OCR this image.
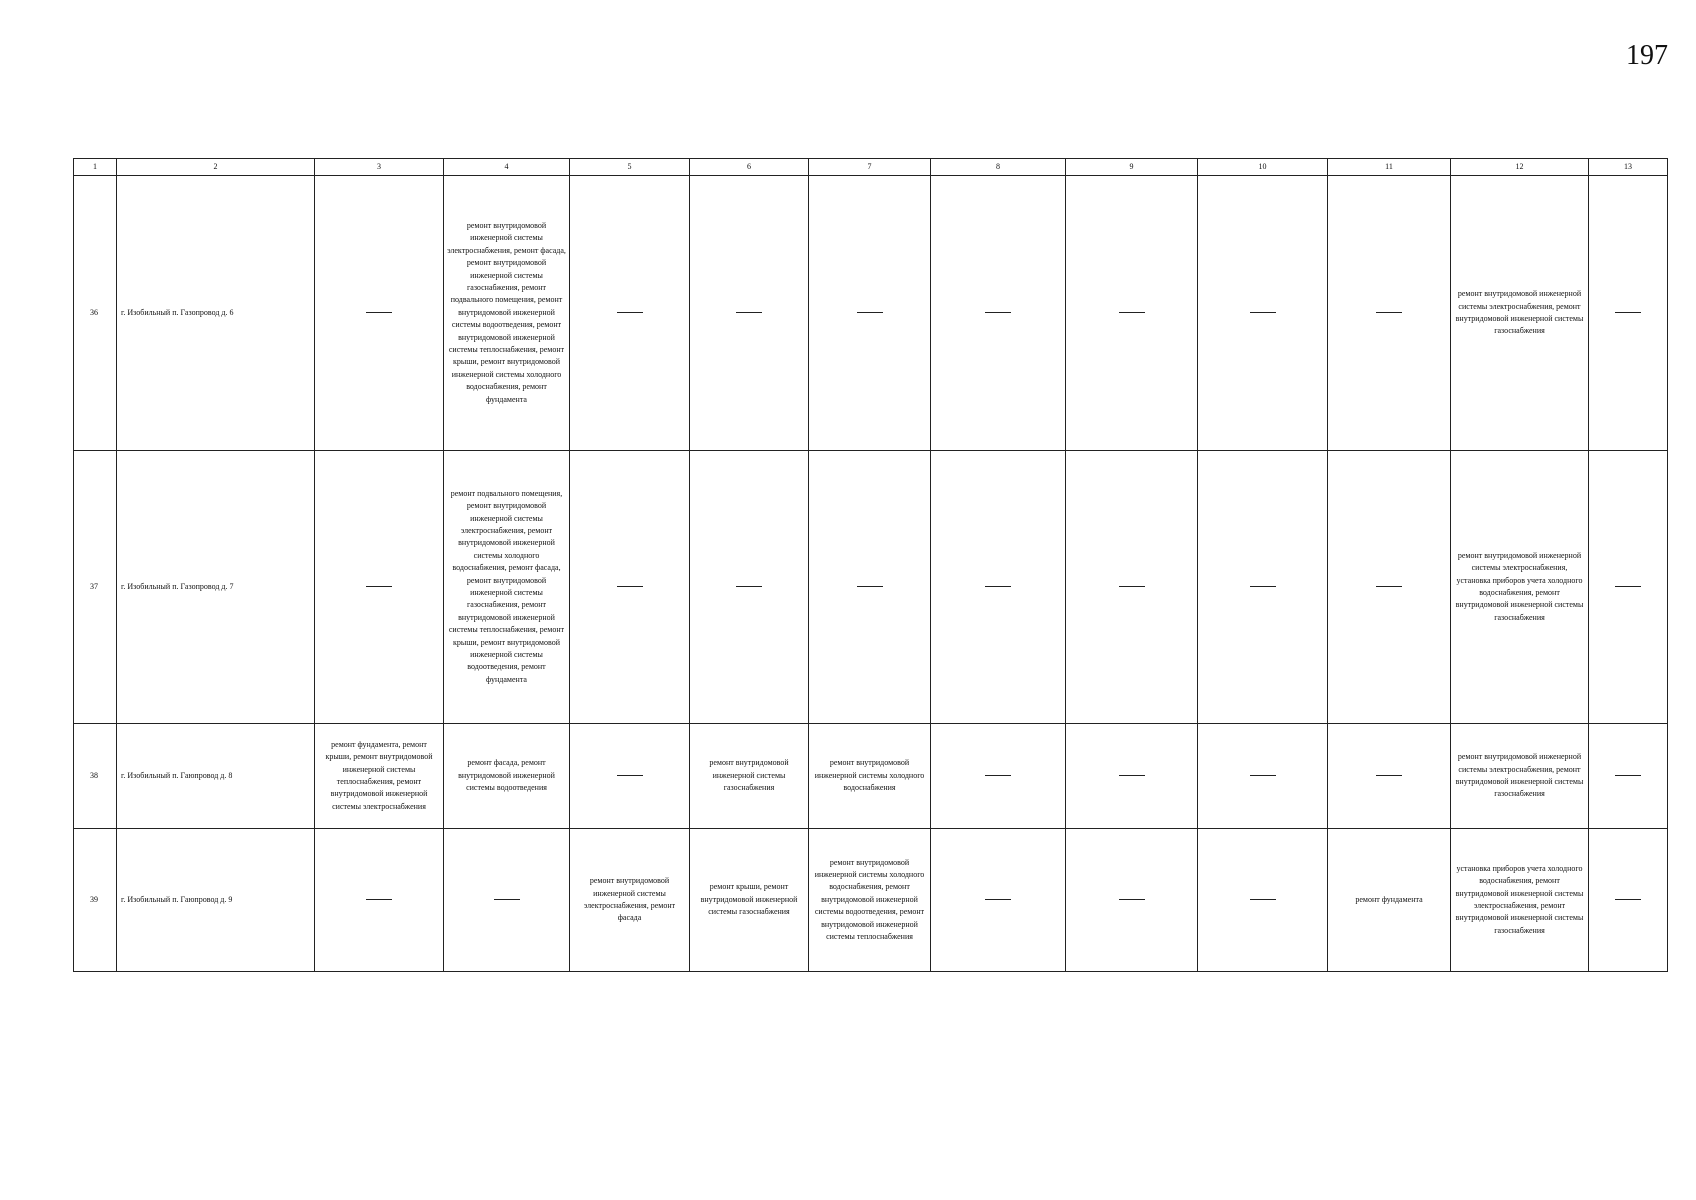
197
1	2	3	4	5	6	7	8	9	10	11	12	13
36	г. Изобильный п. Газопровод д. 6		ремонт внутридомовой инженерной системы электроснабжения, ремонт фасада, ремонт внутридомовой инженерной системы газоснабжения, ремонт подвального помещения, ремонт внутридомовой инженерной системы водоотведения, ремонт внутридомовой инженерной системы теплоснабжения, ремонт крыши, ремонт внутридомовой инженерной системы холодного водоснабжения, ремонт фундамента								ремонт внутридомовой инженерной системы электроснабжения, ремонт внутридомовой инженерной системы газоснабжения	
37	г. Изобильный п. Газопровод д. 7		ремонт подвального помещения, ремонт внутридомовой инженерной системы электроснабжения, ремонт внутридомовой инженерной системы холодного водоснабжения, ремонт фасада, ремонт внутридомовой инженерной системы газоснабжения, ремонт внутридомовой инженерной системы теплоснабжения, ремонт крыши, ремонт внутридомовой инженерной системы водоотведения, ремонт фундамента								ремонт внутридомовой инженерной системы электроснабжения, установка приборов учета холодного водоснабжения, ремонт внутридомовой инженерной системы газоснабжения	
38	г. Изобильный п. Гаюпровод д. 8	ремонт фундамента, ремонт крыши, ремонт внутридомовой инженерной системы теплоснабжения, ремонт внутридомовой инженерной системы электроснабжения	ремонт фасада, ремонт внутридомовой инженерной системы водоотведения		ремонт внутридомовой инженерной системы газоснабжения	ремонт внутридомовой инженерной системы холодного водоснабжения					ремонт внутридомовой инженерной системы электроснабжения, ремонт внутридомовой инженерной системы газоснабжения	
39	г. Изобильный п. Гаюпровод д. 9			ремонт внутридомовой инженерной системы электроснабжения, ремонт фасада	ремонт крыши, ремонт внутридомовой инженерной системы газоснабжения	ремонт внутридомовой инженерной системы холодного водоснабжения, ремонт внутридомовой инженерной системы водоотведения, ремонт внутридомовой инженерной системы теплоснабжения				ремонт фундамента	установка приборов учета холодного водоснабжения, ремонт внутридомовой инженерной системы электроснабжения, ремонт внутридомовой инженерной системы газоснабжения	
